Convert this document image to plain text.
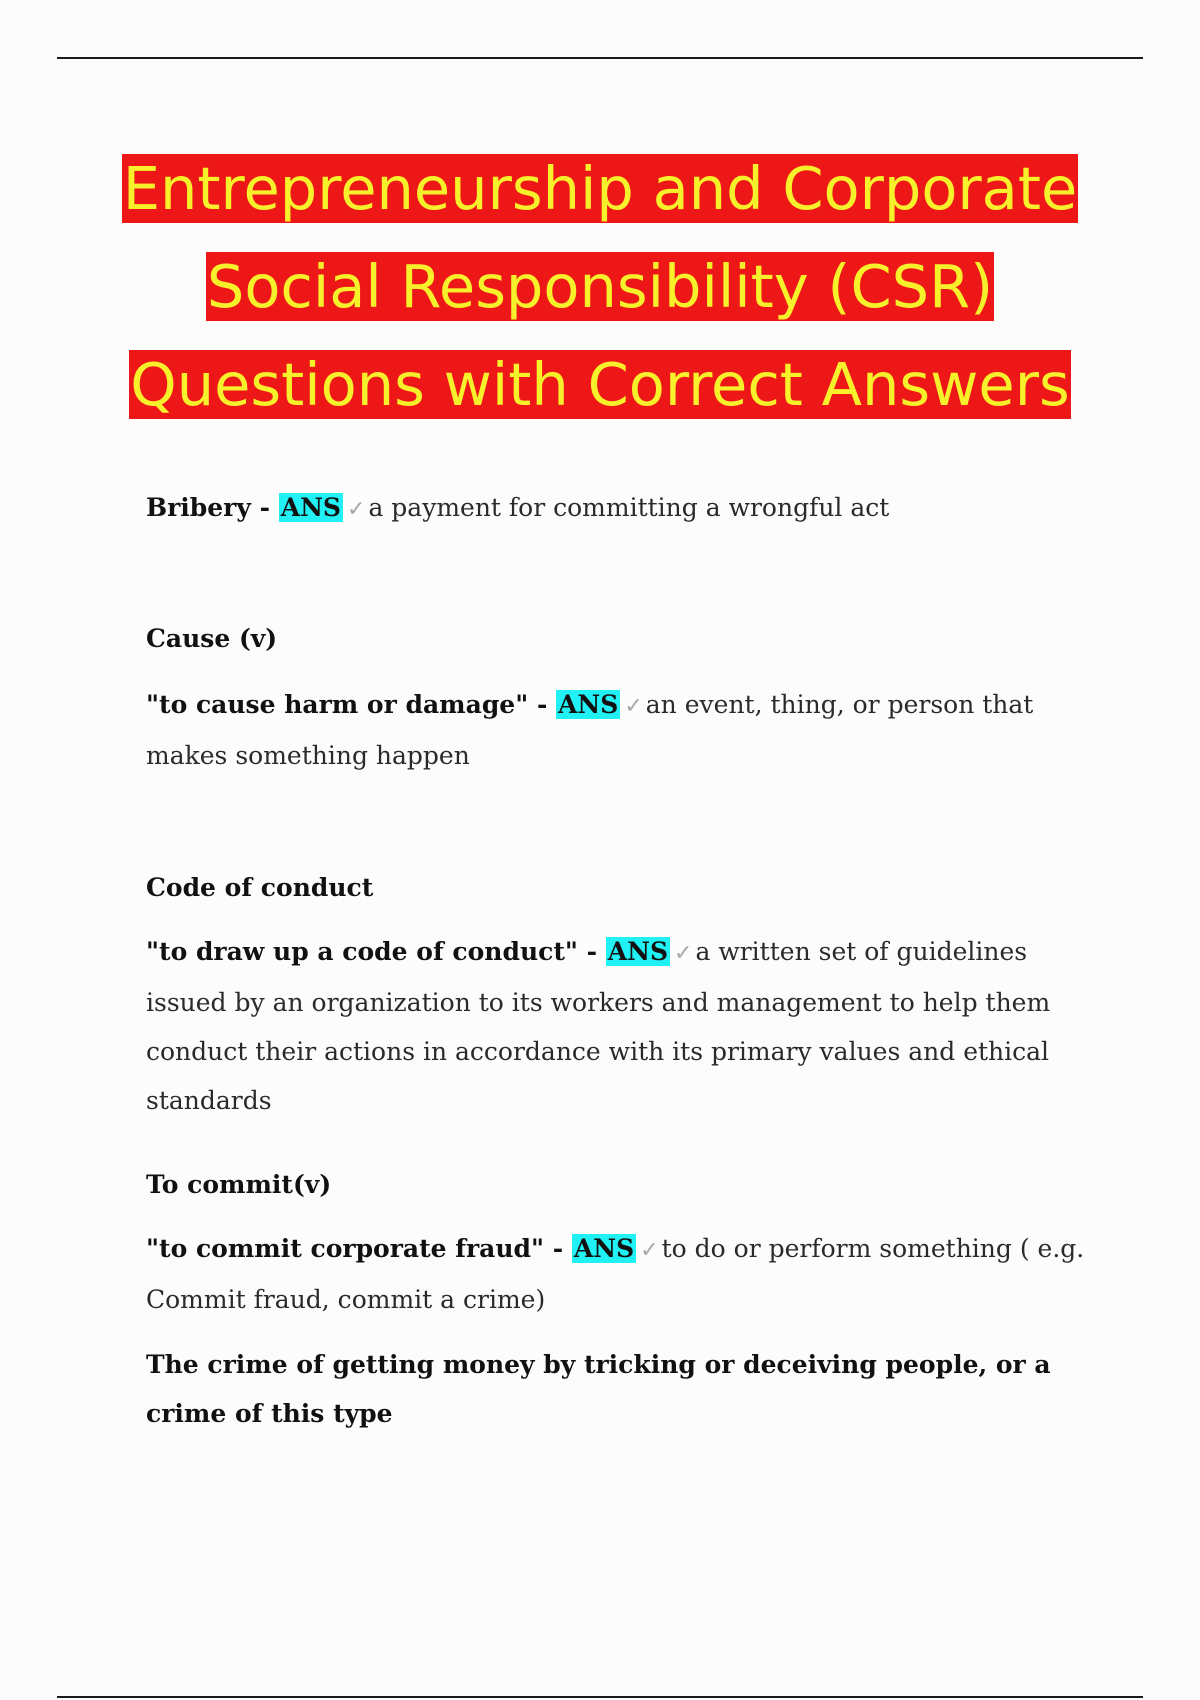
Entrepreneurship and Corporate
Social Responsibility (CSR)
Questions with Correct Answers

Bribery - ANS ✓ a payment for committing a wrongful act

Cause (v)

"to cause harm or damage" - ANS ✓ an event, thing, or person that makes something happen

Code of conduct

"to draw up a code of conduct" - ANS ✓ a written set of guidelines issued by an organization to its workers and management to help them conduct their actions in accordance with its primary values and ethical standards

To commit(v)

"to commit corporate fraud" - ANS ✓ to do or perform something ( e.g. Commit fraud, commit a crime)

The crime of getting money by tricking or deceiving people, or a crime of this type
